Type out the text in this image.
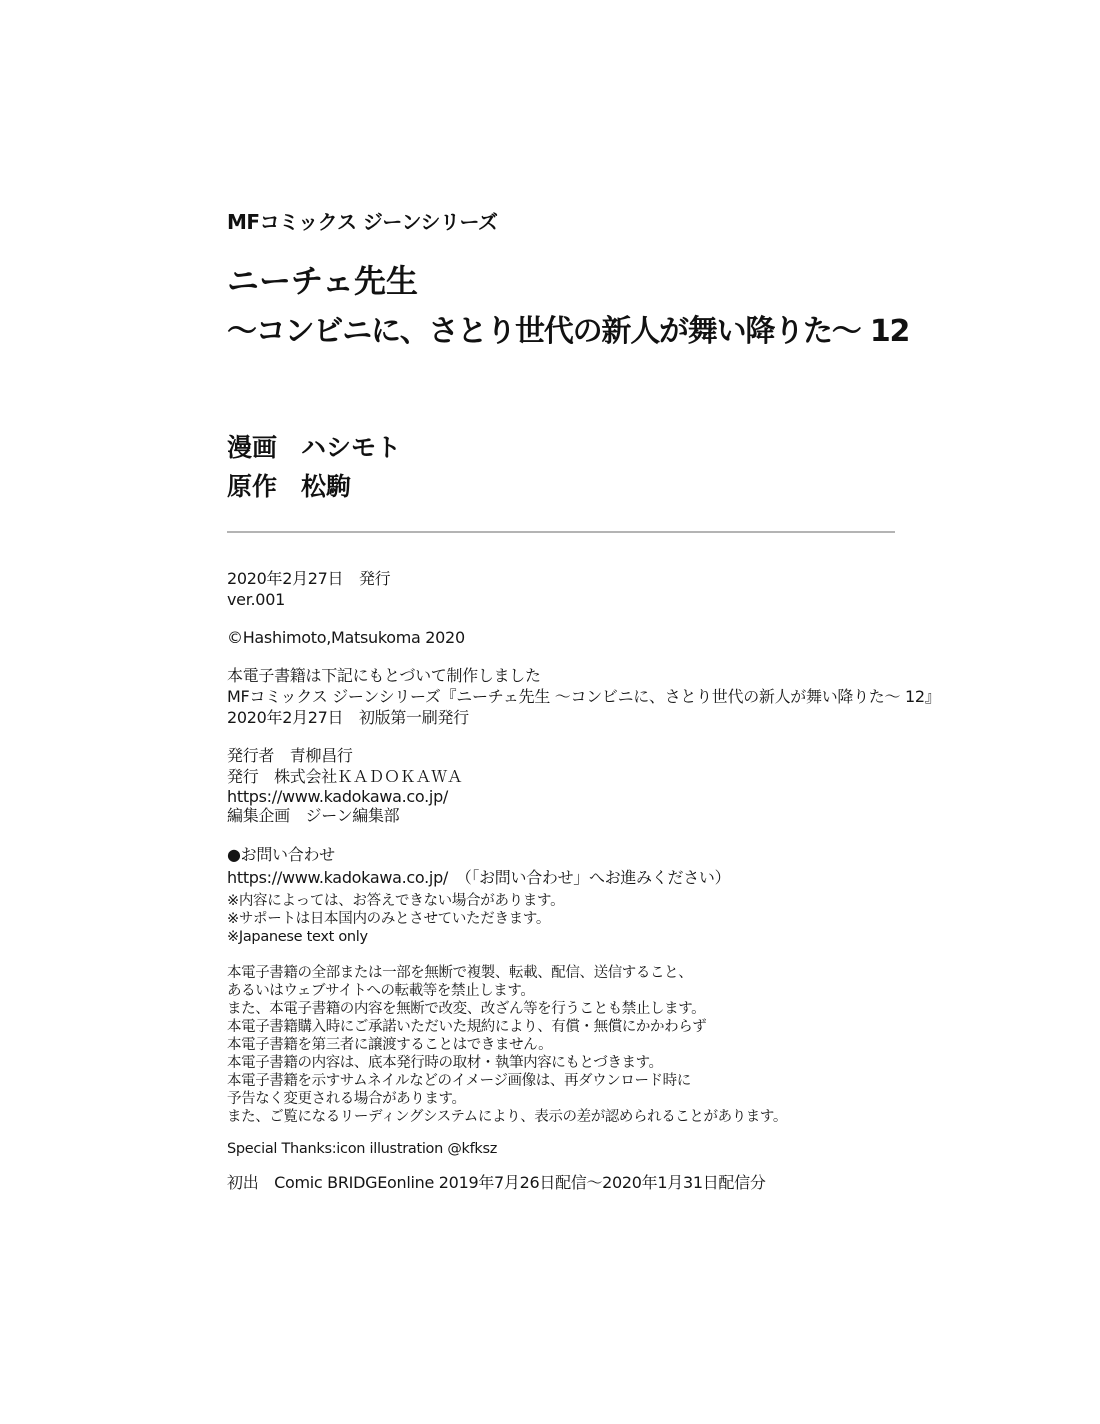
MFコミックス ジーンシリーズ
ニーチェ先生
〜コンビニに、さとり世代の新人が舞い降りた〜 12
漫画 ハシモト
原作 松駒
2020年2月27日　発行
ver.001
©Hashimoto,Matsukoma 2020
本電子書籍は下記にもとづいて制作しました
MFコミックス ジーンシリーズ『ニーチェ先生 〜コンビニに、さとり世代の新人が舞い降りた〜 12』
2020年2月27日　初版第一刷発行
発行者　青柳昌行
発行　株式会社ＫＡＤＯＫＡＷＡ
https://www.kadokawa.co.jp/
編集企画　ジーン編集部
●お問い合わせ
https://www.kadokawa.co.jp/　（「お問い合わせ」へお進みください）
※内容によっては、お答えできない場合があります。
※サポートは日本国内のみとさせていただきます。
※Japanese text only
本電子書籍の全部または一部を無断で複製、転載、配信、送信すること、
あるいはウェブサイトへの転載等を禁止します。
また、本電子書籍の内容を無断で改変、改ざん等を行うことも禁止します。
本電子書籍購入時にご承諾いただいた規約により、有償・無償にかかわらず
本電子書籍を第三者に譲渡することはできません。
本電子書籍の内容は、底本発行時の取材・執筆内容にもとづきます。
本電子書籍を示すサムネイルなどのイメージ画像は、再ダウンロード時に
予告なく変更される場合があります。
また、ご覧になるリーディングシステムにより、表示の差が認められることがあります。
Special Thanks:icon illustration @kfksz
初出　Comic BRIDGEonline 2019年7月26日配信〜2020年1月31日配信分
